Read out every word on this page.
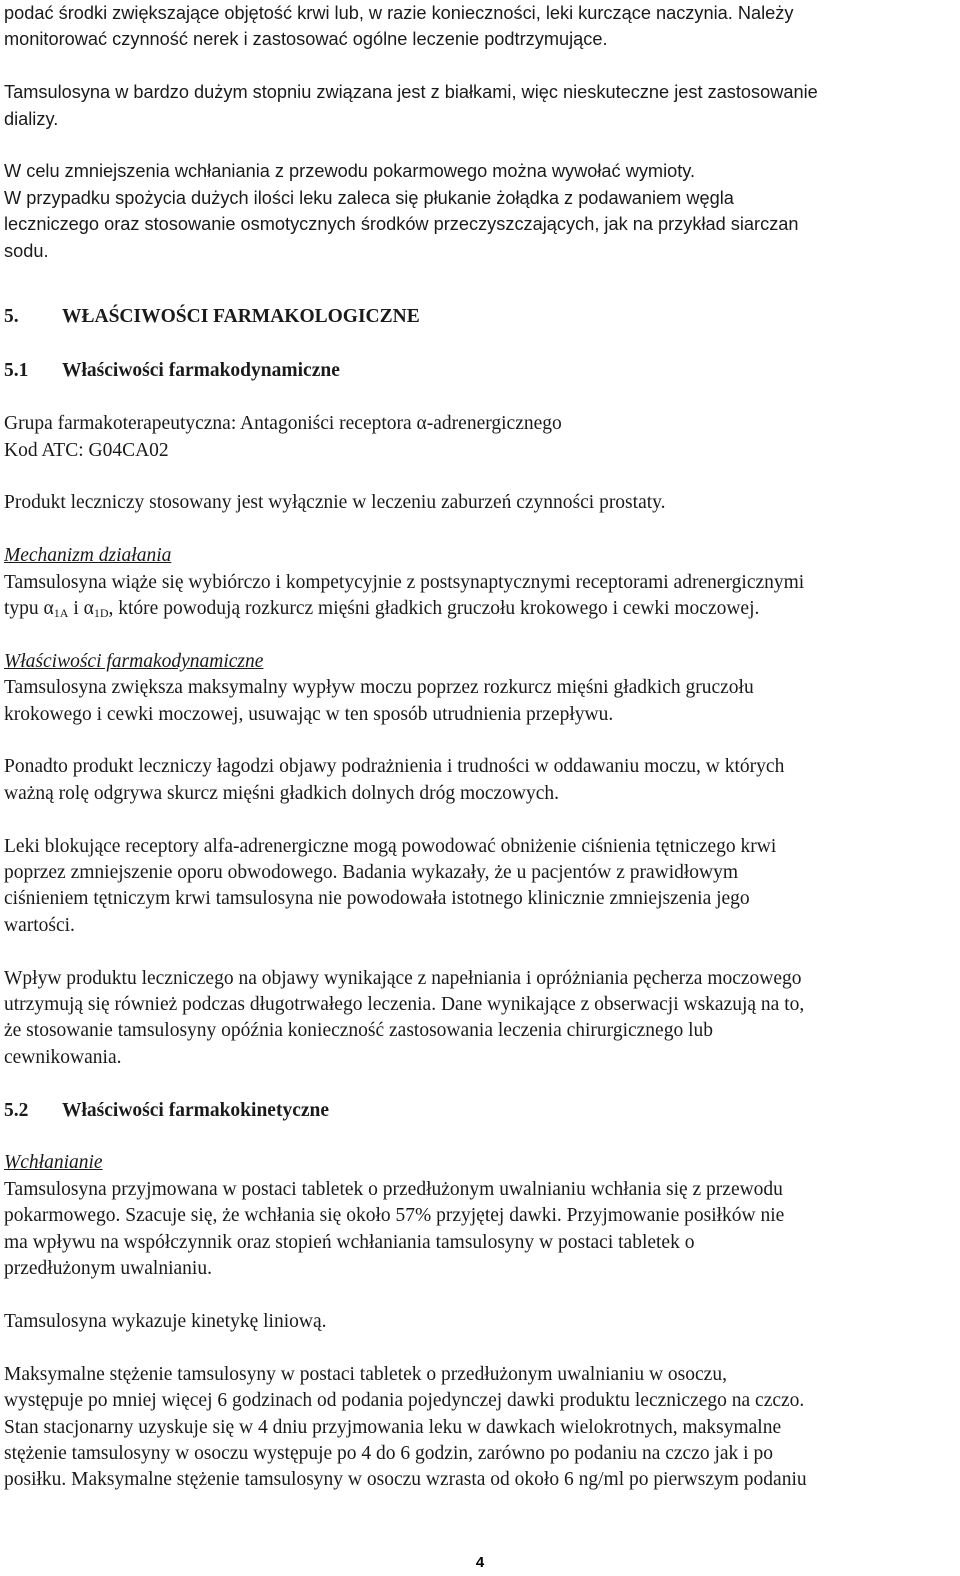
podać środki zwiększające objętość krwi lub, w razie konieczności, leki kurczące naczynia. Należy

monitorować czynność nerek i zastosować ogólne leczenie podtrzymujące.

Tamsulosyna w bardzo dużym stopniu związana jest z białkami, więc nieskuteczne jest zastosowanie

dializy.

W celu zmniejszenia wchłaniania z przewodu pokarmowego można wywołać wymioty.

W przypadku spożycia dużych ilości leku zaleca się płukanie żołądka z podawaniem węgla

leczniczego oraz stosowanie osmotycznych środków przeczyszczających, jak na przykład siarczan

sodu.

5. WŁAŚCIWOŚCI FARMAKOLOGICZNE

5.1 Właściwości farmakodynamiczne

Grupa farmakoterapeutyczna: Antagoniści receptora α-adrenergiczneg​o

Kod ATC: G04CA02

Produkt leczniczy stosowany jest wyłącznie w leczeniu zaburzeń czynności prostaty.

Mechanizm działania

Tamsulosyna wiąże się wybiórczo i kompetycyjnie z postsynaptycznymi receptorami adrenergicznymi

typu $\alpha_{1A}$ i $\alpha_{1D}$, które powodują rozkurcz mięśni gładkich gruczołu krokowego i cewki moczowej.

Właściwości farmakodynamiczne

Tamsulosyna zwiększa maksymalny wypływ moczu poprzez rozkurcz mięśni gładkich gruczołu

krokowego i cewki moczowej, usuwając w ten sposób utrudnienia przepływu.

Ponadto produkt leczniczy łagodzi objawy podrażnienia i trudności w oddawaniu moczu, w których

ważną rolę odgrywa skurcz mięśni gładkich dolnych dróg moczowych.

Leki blokujące receptory alfa-adrenergiczne mogą powodować obniżenie ciśnienia tętniczego krwi

poprzez zmniejszenie oporu obwodowego. Badania wykazały, że u pacjentów z prawidłowym

ciśnieniem tętniczym krwi tamsulosyna nie powodowała istotnego klinicznie zmniejszenia jego

wartości.

Wpływ produktu leczniczego na objawy wynikające z napełniania i opróżniania pęcherza moczowego

utrzymują się również podczas długotrwałego leczenia. Dane wynikające z obserwacji wskazują na to,

że stosowanie tamsulosyny opóźnia konieczność zastosowania leczenia chirurgicznego lub

cewnikowania.

5.2 Właściwości farmakokinetyczne

Wchłanianie

Tamsulosyna przyjmowana w postaci tabletek o przedłużonym uwalnianiu wchłania się z przewodu

pokarmowego. Szacuje się, że wchłania się około 57% przyjętej dawki. Przyjmowanie posiłków nie

ma wpływu na współczynnik oraz stopień wchłaniania tamsulosyny w postaci tabletek o

przedłużonym uwalnianiu.

Tamsulosyna wykazuje kinetykę liniową.

Maksymalne stężenie tamsulosyny w postaci tabletek o przedłużonym uwalnianiu w osoczu,

występuje po mniej więcej 6 godzinach od podania pojedynczej dawki produktu leczniczego na czczo.

Stan stacjonarny uzyskuje się w 4 dniu przyjmowania leku w dawkach wielokrotnych, maksymalne

stężenie tamsulosyny w osoczu występuje po 4 do 6 godzin, zarówno po podaniu na czczo jak i po

posiłku. Maksymalne stężenie tamsulosyny w osoczu wzrasta od około 6 ng/ml po pierwszym podaniu

4
